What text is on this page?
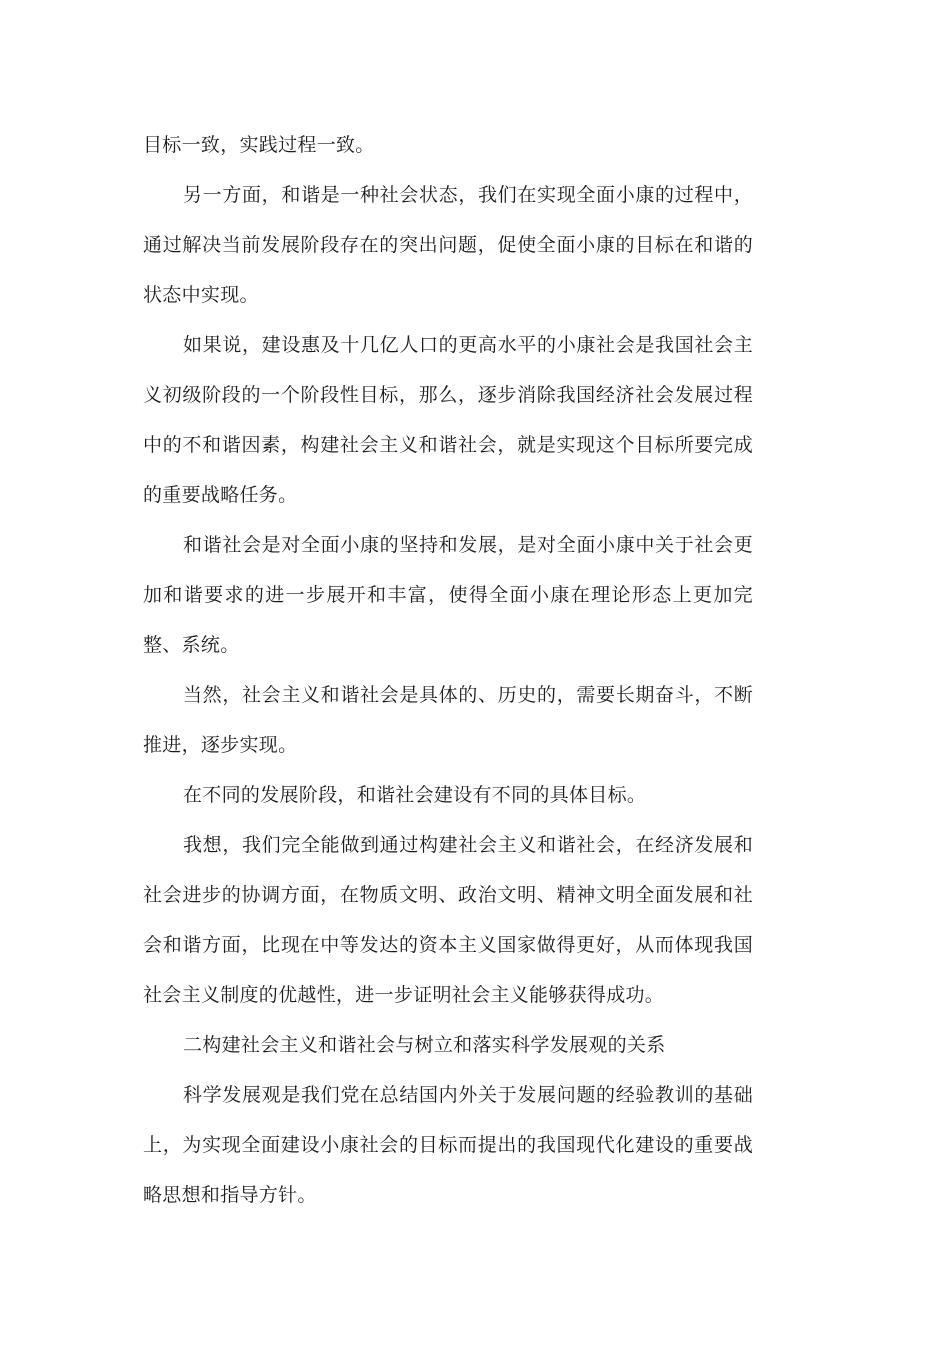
目标一致，实践过程一致。

另一方面，和谐是一种社会状态，我们在实现全面小康的过程中，通过解决当前发展阶段存在的突出问题，促使全面小康的目标在和谐的状态中实现。

如果说，建设惠及十几亿人口的更高水平的小康社会是我国社会主义初级阶段的一个阶段性目标，那么，逐步消除我国经济社会发展过程中的不和谐因素，构建社会主义和谐社会，就是实现这个目标所要完成的重要战略任务。

和谐社会是对全面小康的坚持和发展，是对全面小康中关于社会更加和谐要求的进一步展开和丰富，使得全面小康在理论形态上更加完整、系统。

当然，社会主义和谐社会是具体的、历史的，需要长期奋斗，不断推进，逐步实现。

在不同的发展阶段，和谐社会建设有不同的具体目标。

我想，我们完全能做到通过构建社会主义和谐社会，在经济发展和社会进步的协调方面，在物质文明、政治文明、精神文明全面发展和社会和谐方面，比现在中等发达的资本主义国家做得更好，从而体现我国社会主义制度的优越性，进一步证明社会主义能够获得成功。

二构建社会主义和谐社会与树立和落实科学发展观的关系

科学发展观是我们党在总结国内外关于发展问题的经验教训的基础上，为实现全面建设小康社会的目标而提出的我国现代化建设的重要战略思想和指导方针。
